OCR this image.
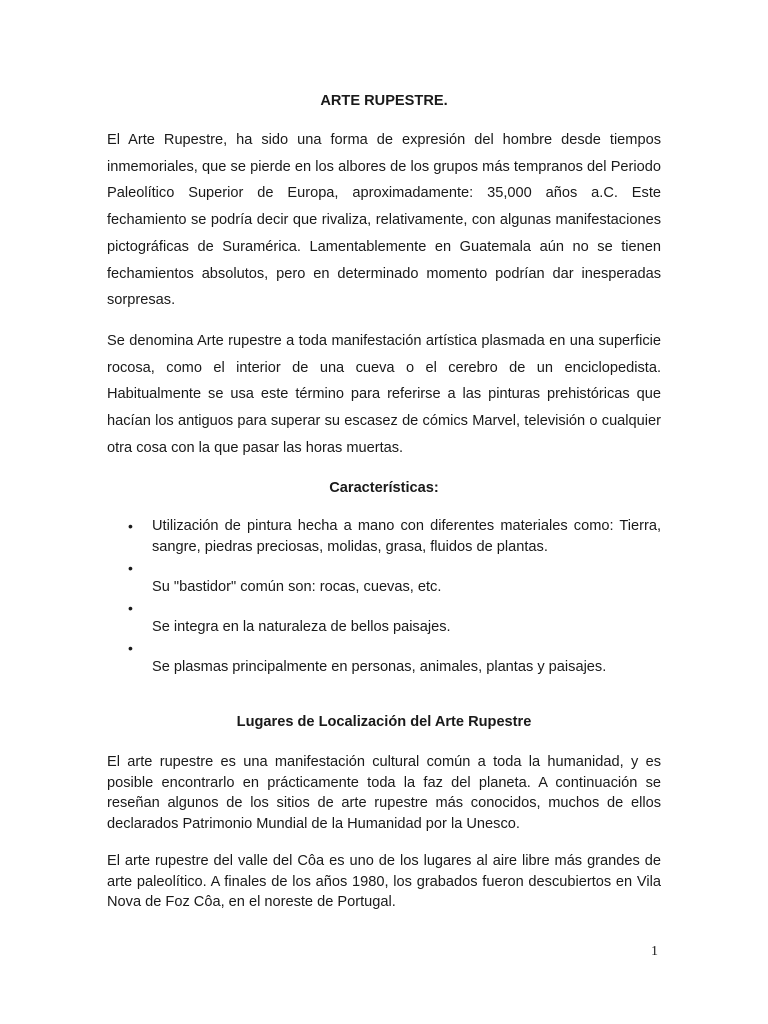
ARTE RUPESTRE.

El Arte Rupestre, ha sido una forma de expresión del hombre desde tiempos inmemoriales, que se pierde en los albores de los grupos más tempranos del Periodo Paleolítico Superior de Europa, aproximadamente: 35,000 años a.C. Este fechamiento se podría decir que rivaliza, relativamente, con algunas manifestaciones pictográficas de Suramérica. Lamentablemente en Guatemala aún no se tienen fechamientos absolutos, pero en determinado momento podrían dar inesperadas sorpresas.

Se denomina Arte rupestre a toda manifestación artística plasmada en una superficie rocosa, como el interior de una cueva o el cerebro de un enciclopedista. Habitualmente se usa este término para referirse a las pinturas prehistóricas que hacían los antiguos para superar su escasez de cómics Marvel, televisión o cualquier otra cosa con la que pasar las horas muertas.

Características:
• Utilización de pintura hecha a mano con diferentes materiales como: Tierra, sangre, piedras preciosas, molidas, grasa, fluidos de plantas.
•
Su "bastidor" común son: rocas, cuevas, etc.
•
Se integra en la naturaleza de bellos paisajes.
•
Se plasmas principalmente en personas, animales, plantas y paisajes.
Lugares de Localización del Arte Rupestre

El arte rupestre es una manifestación cultural común a toda la humanidad, y es posible encontrarlo en prácticamente toda la faz del planeta. A continuación se reseñan algunos de los sitios de arte rupestre más conocidos, muchos de ellos declarados Patrimonio Mundial de la Humanidad por la Unesco.

El arte rupestre del valle del Côa es uno de los lugares al aire libre más grandes de arte paleolítico. A finales de los años 1980, los grabados fueron descubiertos en Vila Nova de Foz Côa, en el noreste de Portugal.

1
